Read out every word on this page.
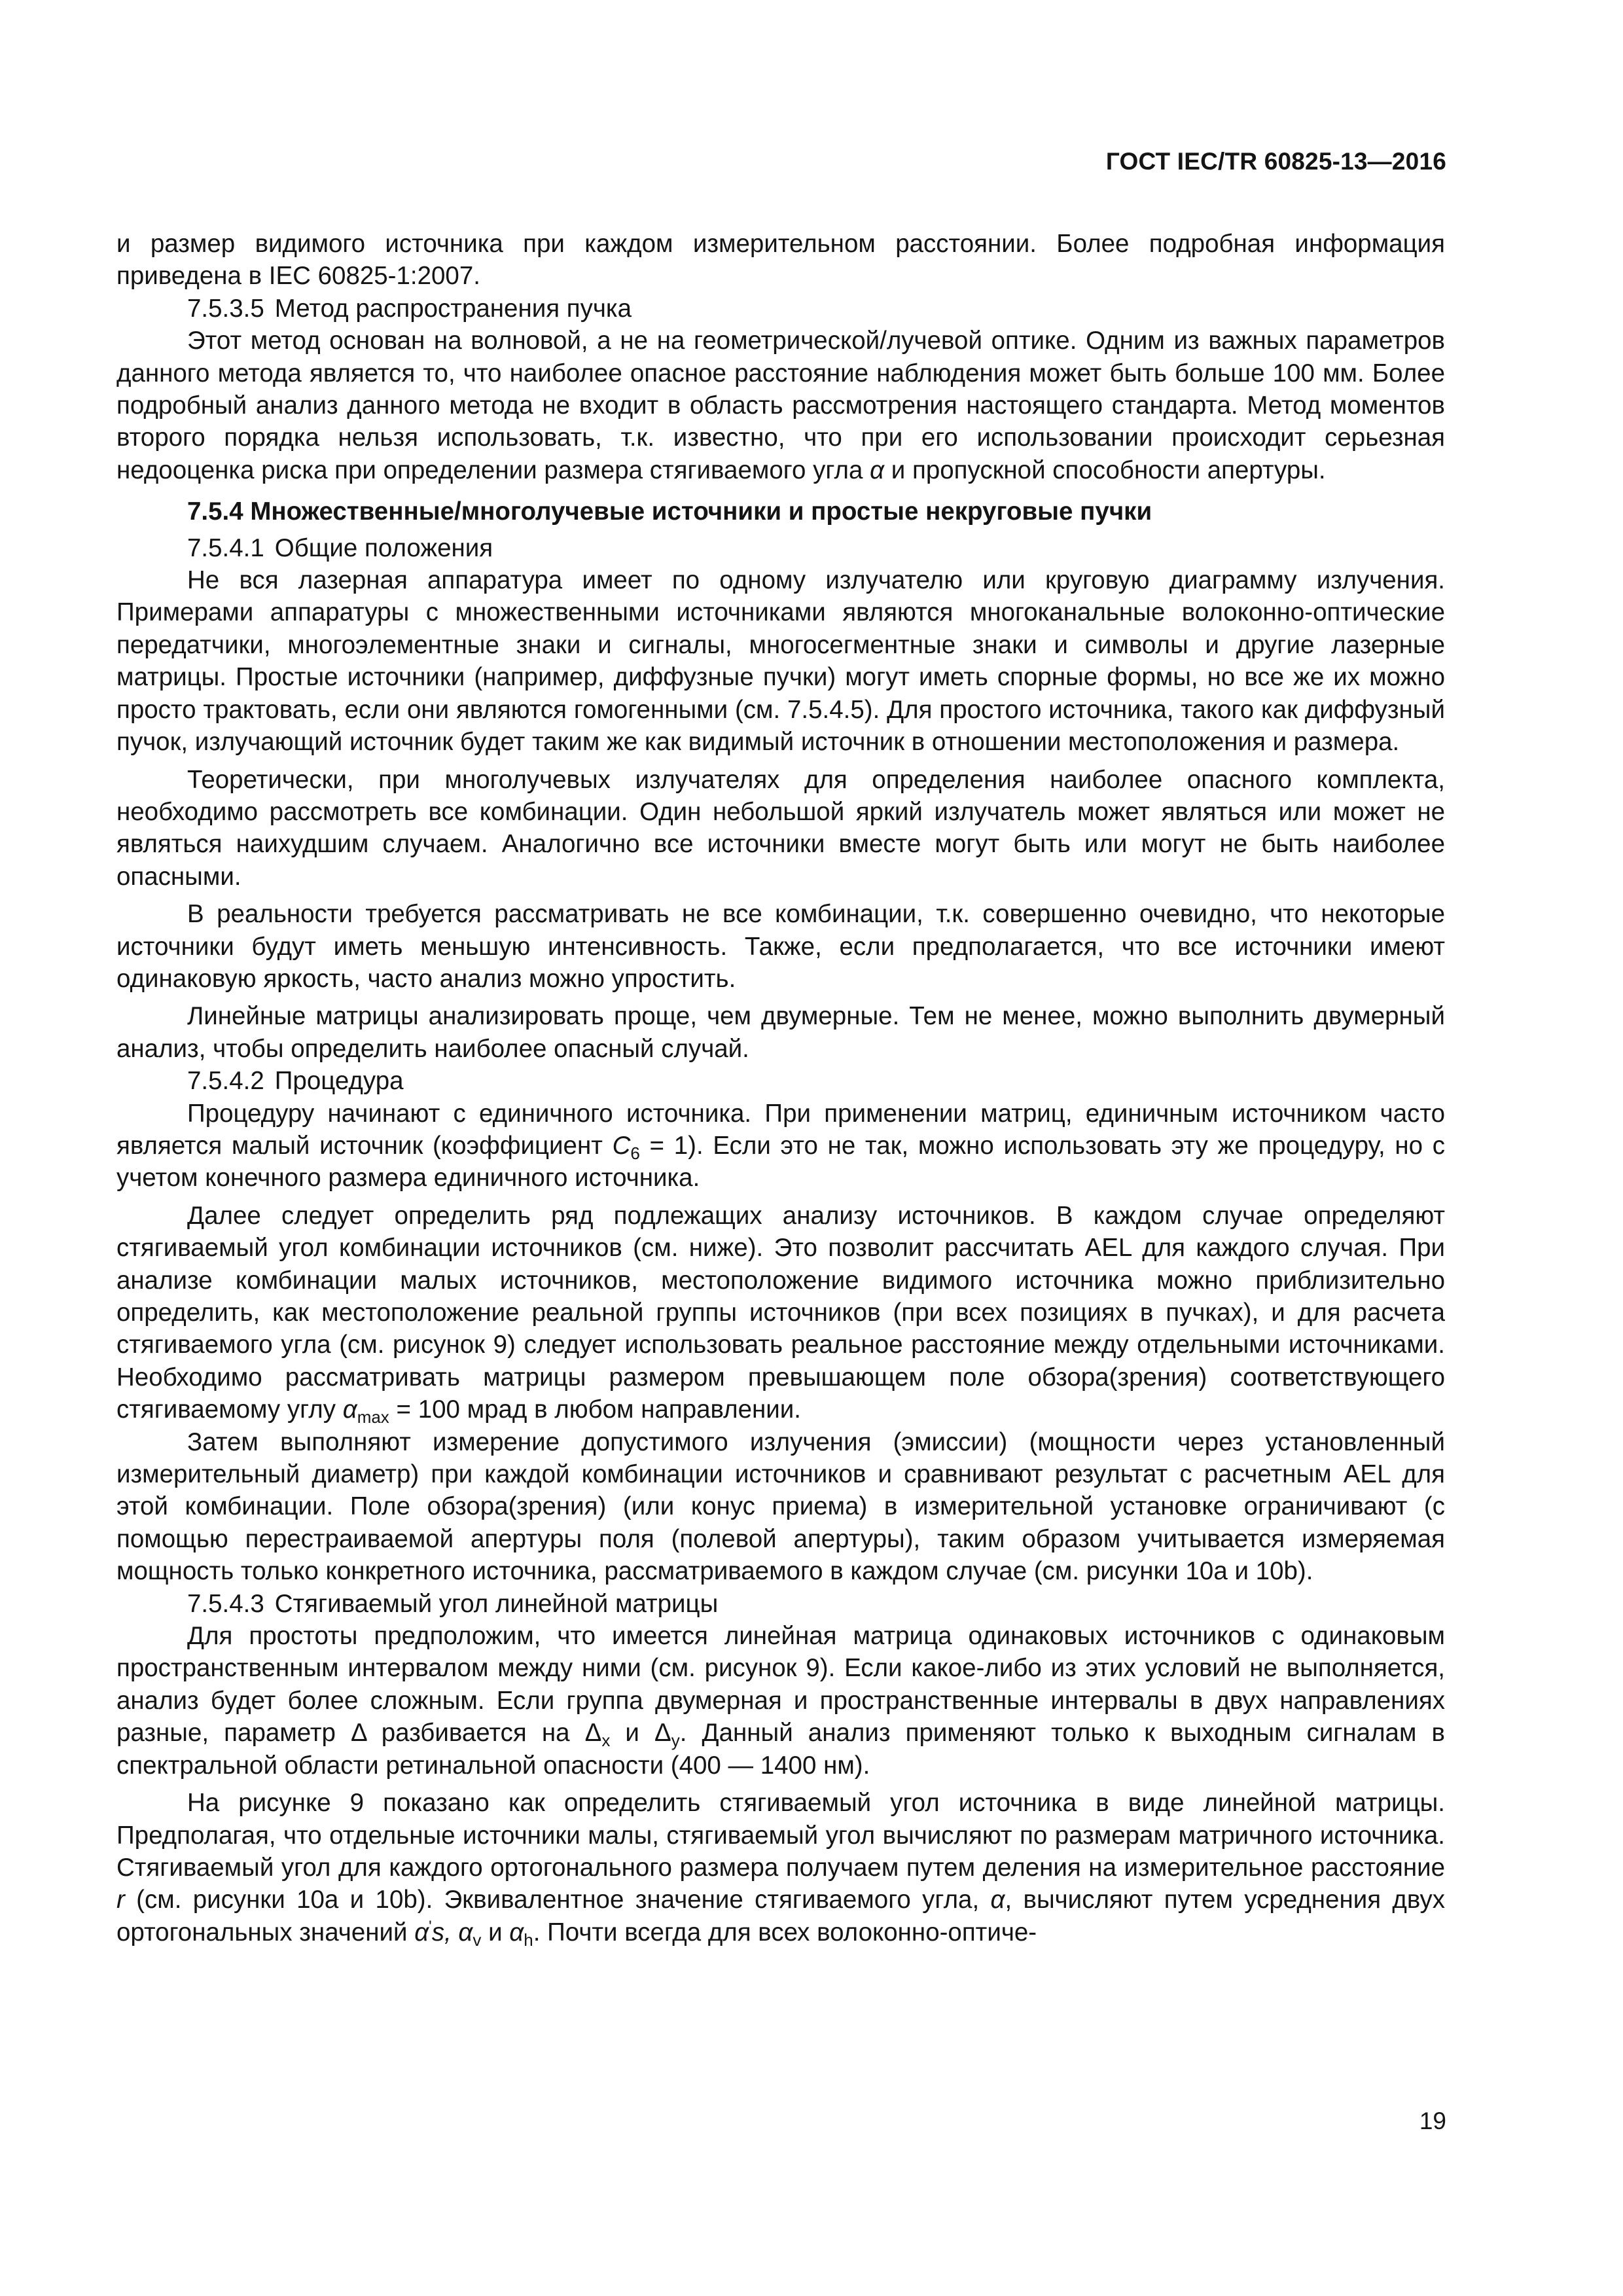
ГОСТ IEC/TR 60825-13—2016

и размер видимого источника при каждом измерительном расстоянии. Более подробная информация приведена в IEC 60825-1:2007.

7.5.3.5 Метод распространения пучка

Этот метод основан на волновой, а не на геометрической/лучевой оптике. Одним из важных параметров данного метода является то, что наиболее опасное расстояние наблюдения может быть больше 100 мм. Более подробный анализ данного метода не входит в область рассмотрения настоящего стандарта. Метод моментов второго порядка нельзя использовать, т.к. известно, что при его использовании происходит серьезная недооценка риска при определении размера стягиваемого угла α и пропускной способности апертуры.

7.5.4 Множественные/многолучевые источники и простые некруговые пучки

7.5.4.1 Общие положения

Не вся лазерная аппаратура имеет по одному излучателю или круговую диаграмму излучения. Примерами аппаратуры с множественными источниками являются многоканальные волоконно-оптические передатчики, многоэлементные знаки и сигналы, многосегментные знаки и символы и другие лазерные матрицы. Простые источники (например, диффузные пучки) могут иметь спорные формы, но все же их можно просто трактовать, если они являются гомогенными (см. 7.5.4.5). Для простого источника, такого как диффузный пучок, излучающий источник будет таким же как видимый источник в отношении местоположения и размера.

Теоретически, при многолучевых излучателях для определения наиболее опасного комплекта, необходимо рассмотреть все комбинации. Один небольшой яркий излучатель может являться или может не являться наихудшим случаем. Аналогично все источники вместе могут быть или могут не быть наиболее опасными.

В реальности требуется рассматривать не все комбинации, т.к. совершенно очевидно, что некоторые источники будут иметь меньшую интенсивность. Также, если предполагается, что все источники имеют одинаковую яркость, часто анализ можно упростить.

Линейные матрицы анализировать проще, чем двумерные. Тем не менее, можно выполнить двумерный анализ, чтобы определить наиболее опасный случай.

7.5.4.2 Процедура

Процедуру начинают с единичного источника. При применении матриц, единичным источником часто является малый источник (коэффициент $C_6 = 1$). Если это не так, можно использовать эту же процедуру, но с учетом конечного размера единичного источника.

Далее следует определить ряд подлежащих анализу источников. В каждом случае определяют стягиваемый угол комбинации источников (см. ниже). Это позволит рассчитать AEL для каждого случая. При анализе комбинации малых источников, местоположение видимого источника можно приблизительно определить, как местоположение реальной группы источников (при всех позициях в пучках), и для расчета стягиваемого угла (см. рисунок 9) следует использовать реальное расстояние между отдельными источниками. Необходимо рассматривать матрицы размером превышающем поле обзора(зрения) соответствующего стягиваемому углу $\alpha_{max} = 100$ мрад в любом направлении.

Затем выполняют измерение допустимого излучения (эмиссии) (мощности через установленный измерительный диаметр) при каждой комбинации источников и сравнивают результат с расчетным AEL для этой комбинации. Поле обзора(зрения) (или конус приема) в измерительной установке ограничивают (с помощью перестраиваемой апертуры поля (полевой апертуры), таким образом учитывается измеряемая мощность только конкретного источника, рассматриваемого в каждом случае (см. рисунки 10a и 10b).

7.5.4.3 Стягиваемый угол линейной матрицы

Для простоты предположим, что имеется линейная матрица одинаковых источников с одинаковым пространственным интервалом между ними (см. рисунок 9). Если какое-либо из этих условий не выполняется, анализ будет более сложным. Если группа двумерная и пространственные интервалы в двух направлениях разные, параметр Δ разбивается на $\Delta_x$ и $\Delta_y$. Данный анализ применяют только к выходным сигналам в спектральной области ретинальной опасности (400 — 1400 нм).

На рисунке 9 показано как определить стягиваемый угол источника в виде линейной матрицы. Предполагая, что отдельные источники малы, стягиваемый угол вычисляют по размерам матричного источника. Стягиваемый угол для каждого ортогонального размера получаем путем деления на измерительное расстояние r (см. рисунки 10a и 10b). Эквивалентное значение стягиваемого угла, α, вычисляют путем усреднения двух ортогональных значений α's, $\alpha_v$ и $\alpha_h$. Почти всегда для всех волоконно-оптиче-

19
